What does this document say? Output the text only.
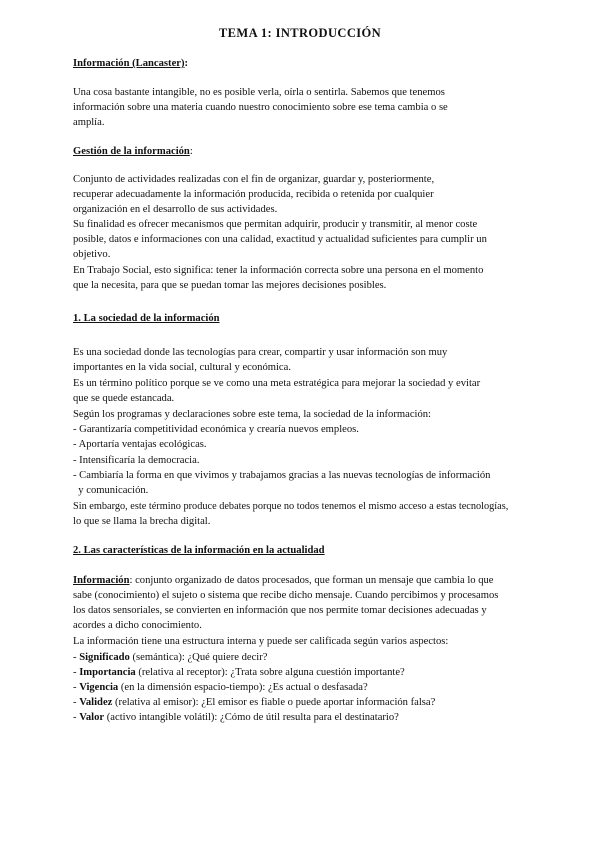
TEMA 1: INTRODUCCIÓN
Información (Lancaster):
Una cosa bastante intangible, no es posible verla, oírla o sentirla. Sabemos que tenemos
información sobre una materia cuando nuestro conocimiento sobre ese tema cambia o se
amplía.
Gestión de la información:
Conjunto de actividades realizadas con el fin de organizar, guardar y, posteriormente,
recuperar adecuadamente la información producida, recibida o retenida por cualquier
organización en el desarrollo de sus actividades.
Su finalidad es ofrecer mecanismos que permitan adquirir, producir y transmitir, al menor coste
posible, datos e informaciones con una calidad, exactitud y actualidad suficientes para cumplir un
objetivo.
En Trabajo Social, esto significa: tener la información correcta sobre una persona en el momento
que la necesita, para que se puedan tomar las mejores decisiones posibles.
1. La sociedad de la información
Es una sociedad donde las tecnologías para crear, compartir y usar información son muy
importantes en la vida social, cultural y económica.
Es un término político porque se ve como una meta estratégica para mejorar la sociedad y evitar
que se quede estancada.
Según los programas y declaraciones sobre este tema, la sociedad de la información:
- Garantizaría competitividad económica y crearía nuevos empleos.
- Aportaría ventajas ecológicas.
- Intensificaría la democracia.
- Cambiaría la forma en que vivimos y trabajamos gracias a las nuevas tecnologías de información
y comunicación.
Sin embargo, este término produce debates porque no todos tenemos el mismo acceso a estas tecnologías,
lo que se llama la brecha digital.
2. Las características de la información en la actualidad
Información: conjunto organizado de datos procesados, que forman un mensaje que cambia lo que
sabe (conocimiento) el sujeto o sistema que recibe dicho mensaje. Cuando percibimos y procesamos
los datos sensoriales, se convierten en información que nos permite tomar decisiones adecuadas y
acordes a dicho conocimiento.
La información tiene una estructura interna y puede ser calificada según varios aspectos:
- Significado (semántica): ¿Qué quiere decir?
- Importancia (relativa al receptor): ¿Trata sobre alguna cuestión importante?
- Vigencia (en la dimensión espacio-tiempo): ¿Es actual o desfasada?
- Validez (relativa al emisor): ¿El emisor es fiable o puede aportar información falsa?
- Valor (activo intangible volátil): ¿Cómo de útil resulta para el destinatario?
